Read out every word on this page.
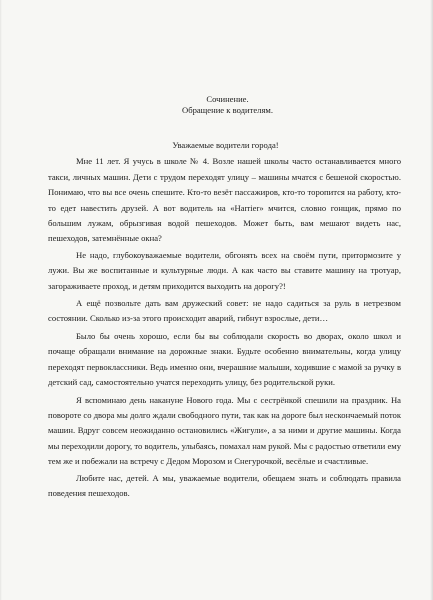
Сочинение.

Обращение к водителям.

Уважаемые водители города!

Мне 11 лет. Я учусь в школе № 4. Возле нашей школы часто останавливается много такси, личных машин. Дети с трудом переходят улицу – машины мчатся с бешеной скоростью. Понимаю, что вы все очень спешите. Кто-то везёт пассажиров, кто-то торопится на работу, кто-то едет навестить друзей. А вот водитель на «Harrier» мчится, словно гонщик, прямо по большим лужам, обрызгивая водой пешеходов. Может быть, вам мешают видеть нас, пешеходов, затемнённые окна?

Не надо, глубокоуважаемые водители, обгонять всех на своём пути, притормозите у лужи. Вы же воспитанные и культурные люди. А как часто вы ставите машину на тротуар, загораживаете проход, и детям приходится выходить на дорогу?!

А ещё позвольте дать вам дружеский совет: не надо садиться за руль в нетрезвом состоянии. Сколько из-за этого происходит аварий, гибнут взрослые, дети…

Было бы очень хорошо, если бы вы соблюдали скорость во дворах, около школ и почаще обращали внимание на дорожные знаки. Будьте особенно внимательны, когда улицу переходят первоклассники. Ведь именно они, вчерашние малыши, ходившие с мамой за ручку в детский сад, самостоятельно учатся переходить улицу, без родительской руки.

Я вспоминаю день накануне Нового года. Мы с сестрёнкой спешили на праздник. На повороте со двора мы долго ждали свободного пути, так как на дороге был нескончаемый поток машин. Вдруг совсем неожиданно остановились «Жигули», а за ними и другие машины. Когда мы переходили дорогу, то водитель, улыбаясь, помахал нам рукой. Мы с радостью ответили ему тем же и побежали на встречу с Дедом Морозом и Снегурочкой, весёлые и счастливые.

Любите нас, детей. А мы, уважаемые водители, обещаем знать и соблюдать правила поведения пешеходов.
